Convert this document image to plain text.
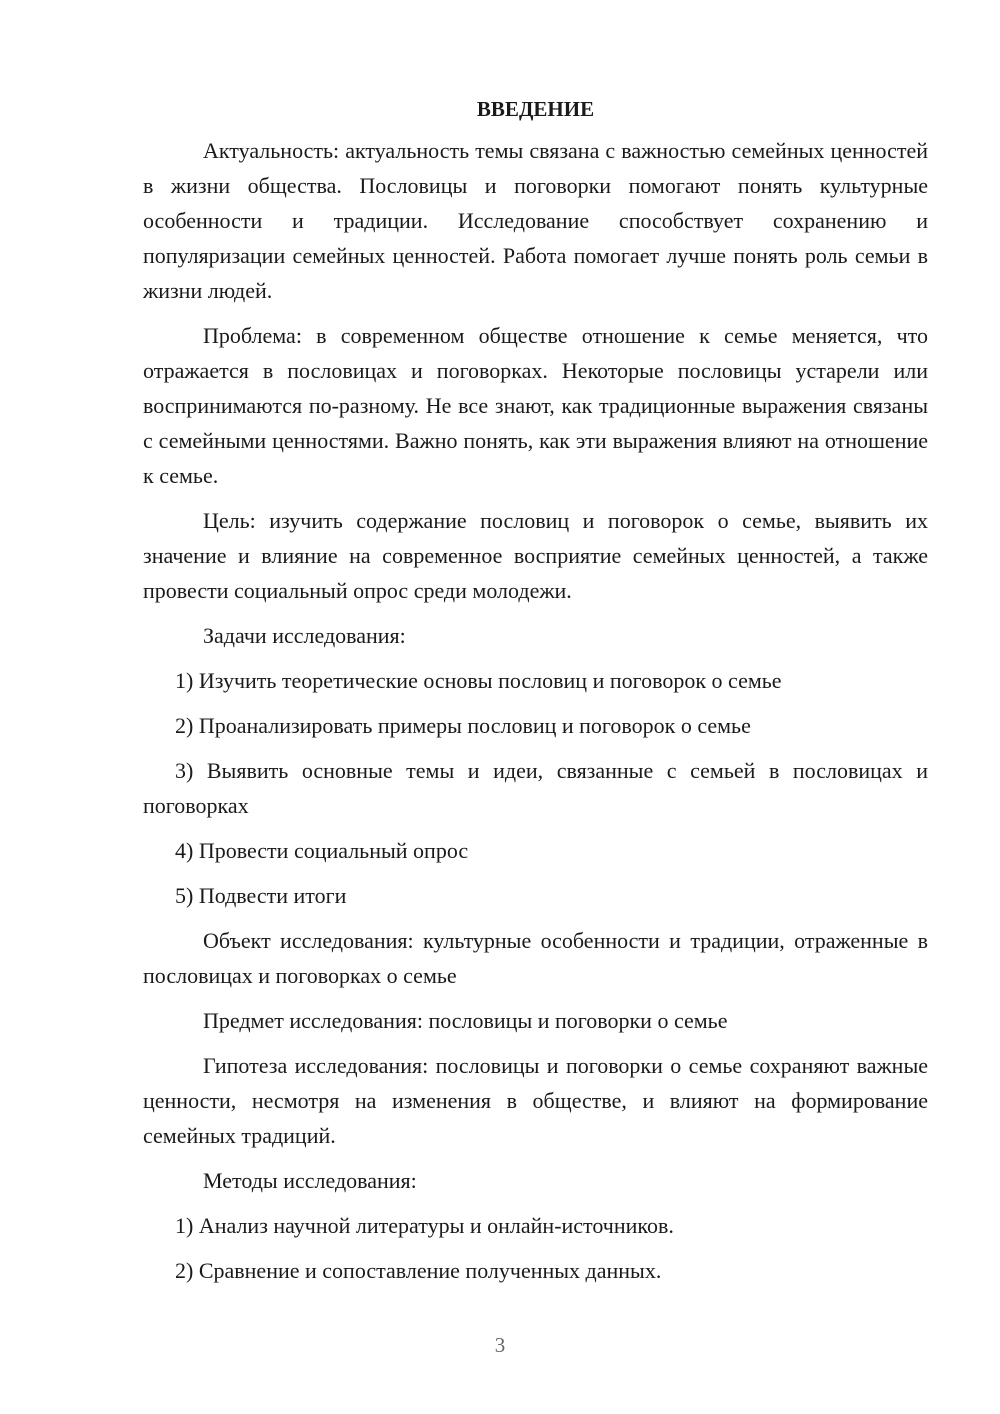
ВВЕДЕНИЕ

Актуальность: актуальность темы связана с важностью семейных ценностей в жизни общества. Пословицы и поговорки помогают понять культурные особенности и традиции. Исследование способствует сохранению и популяризации семейных ценностей. Работа помогает лучше понять роль семьи в жизни людей.

Проблема: в современном обществе отношение к семье меняется, что отражается в пословицах и поговорках. Некоторые пословицы устарели или воспринимаются по-разному. Не все знают, как традиционные выражения связаны с семейными ценностями. Важно понять, как эти выражения влияют на отношение к семье.

Цель: изучить содержание пословиц и поговорок о семье, выявить их значение и влияние на современное восприятие семейных ценностей, а также провести социальный опрос среди молодежи.

Задачи исследования:

1) Изучить теоретические основы пословиц и поговорок о семье

2) Проанализировать примеры пословиц и поговорок о семье

3) Выявить основные темы и идеи, связанные с семьей в пословицах и поговорках

4) Провести социальный опрос

5) Подвести итоги

Объект исследования: культурные особенности и традиции, отраженные в пословицах и поговорках о семье

Предмет исследования: пословицы и поговорки о семье

Гипотеза исследования: пословицы и поговорки о семье сохраняют важные ценности, несмотря на изменения в обществе, и влияют на формирование семейных традиций.

Методы исследования:

1) Анализ научной литературы и онлайн-источников.

2) Сравнение и сопоставление полученных данных.

3
